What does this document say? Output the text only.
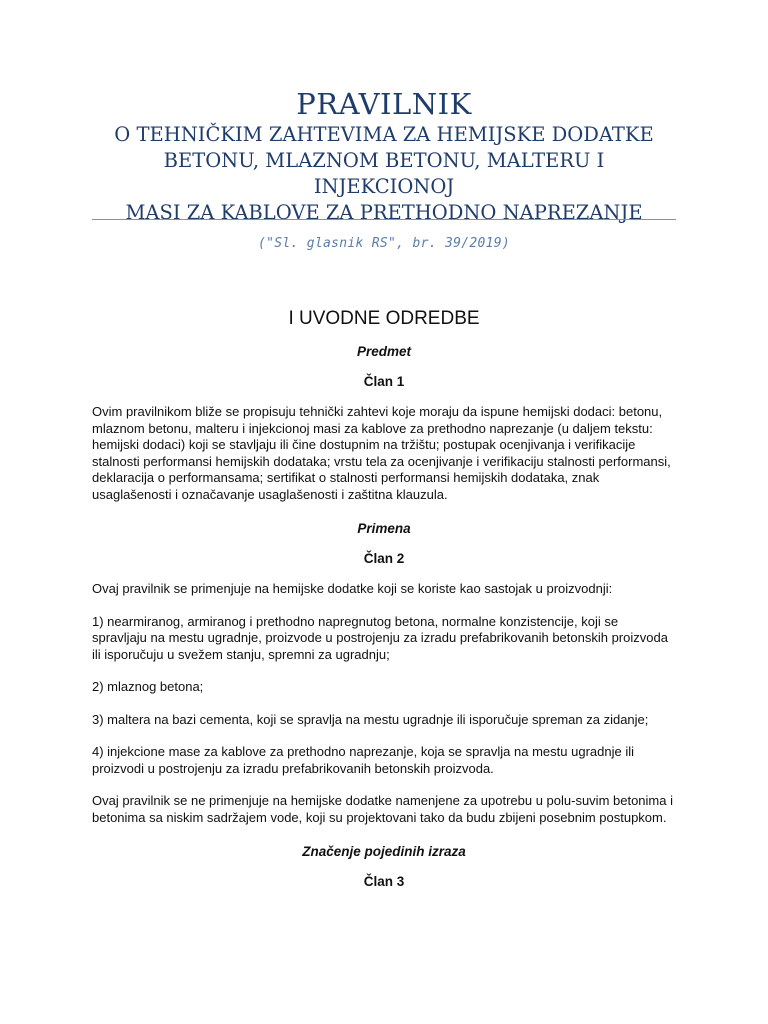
PRAVILNIK
O TEHNIČKIM ZAHTEVIMA ZA HEMIJSKE DODATKE
BETONU, MLAZNOM BETONU, MALTERU I INJEKCIONOJ
MASI ZA KABLOVE ZA PRETHODNO NAPREZANJE
("Sl. glasnik RS", br. 39/2019)
I UVODNE ODREDBE
Predmet
Član 1

Ovim pravilnikom bliže se propisuju tehnički zahtevi koje moraju da ispune hemijski dodaci: betonu, mlaznom betonu, malteru i injekcionoj masi za kablove za prethodno naprezanje (u daljem tekstu: hemijski dodaci) koji se stavljaju ili čine dostupnim na tržištu; postupak ocenjivanja i verifikacije stalnosti performansi hemijskih dodataka; vrstu tela za ocenjivanje i verifikaciju stalnosti performansi, deklaracija o performansama; sertifikat o stalnosti performansi hemijskih dodataka, znak usaglašenosti i označavanje usaglašenosti i zaštitna klauzula.

Primena
Član 2

Ovaj pravilnik se primenjuje na hemijske dodatke koji se koriste kao sastojak u proizvodnji:

1) nearmiranog, armiranog i prethodno napregnutog betona, normalne konzistencije, koji se spravljaju na mestu ugradnje, proizvode u postrojenju za izradu prefabrikovanih betonskih proizvoda ili isporučuju u svežem stanju, spremni za ugradnju;

2) mlaznog betona;

3) maltera na bazi cementa, koji se spravlja na mestu ugradnje ili isporučuje spreman za zidanje;

4) injekcione mase za kablove za prethodno naprezanje, koja se spravlja na mestu ugradnje ili proizvodi u postrojenju za izradu prefabrikovanih betonskih proizvoda.

Ovaj pravilnik se ne primenjuje na hemijske dodatke namenjene za upotrebu u polu-suvim betonima i betonima sa niskim sadržajem vode, koji su projektovani tako da budu zbijeni posebnim postupkom.

Značenje pojedinih izraza
Član 3
